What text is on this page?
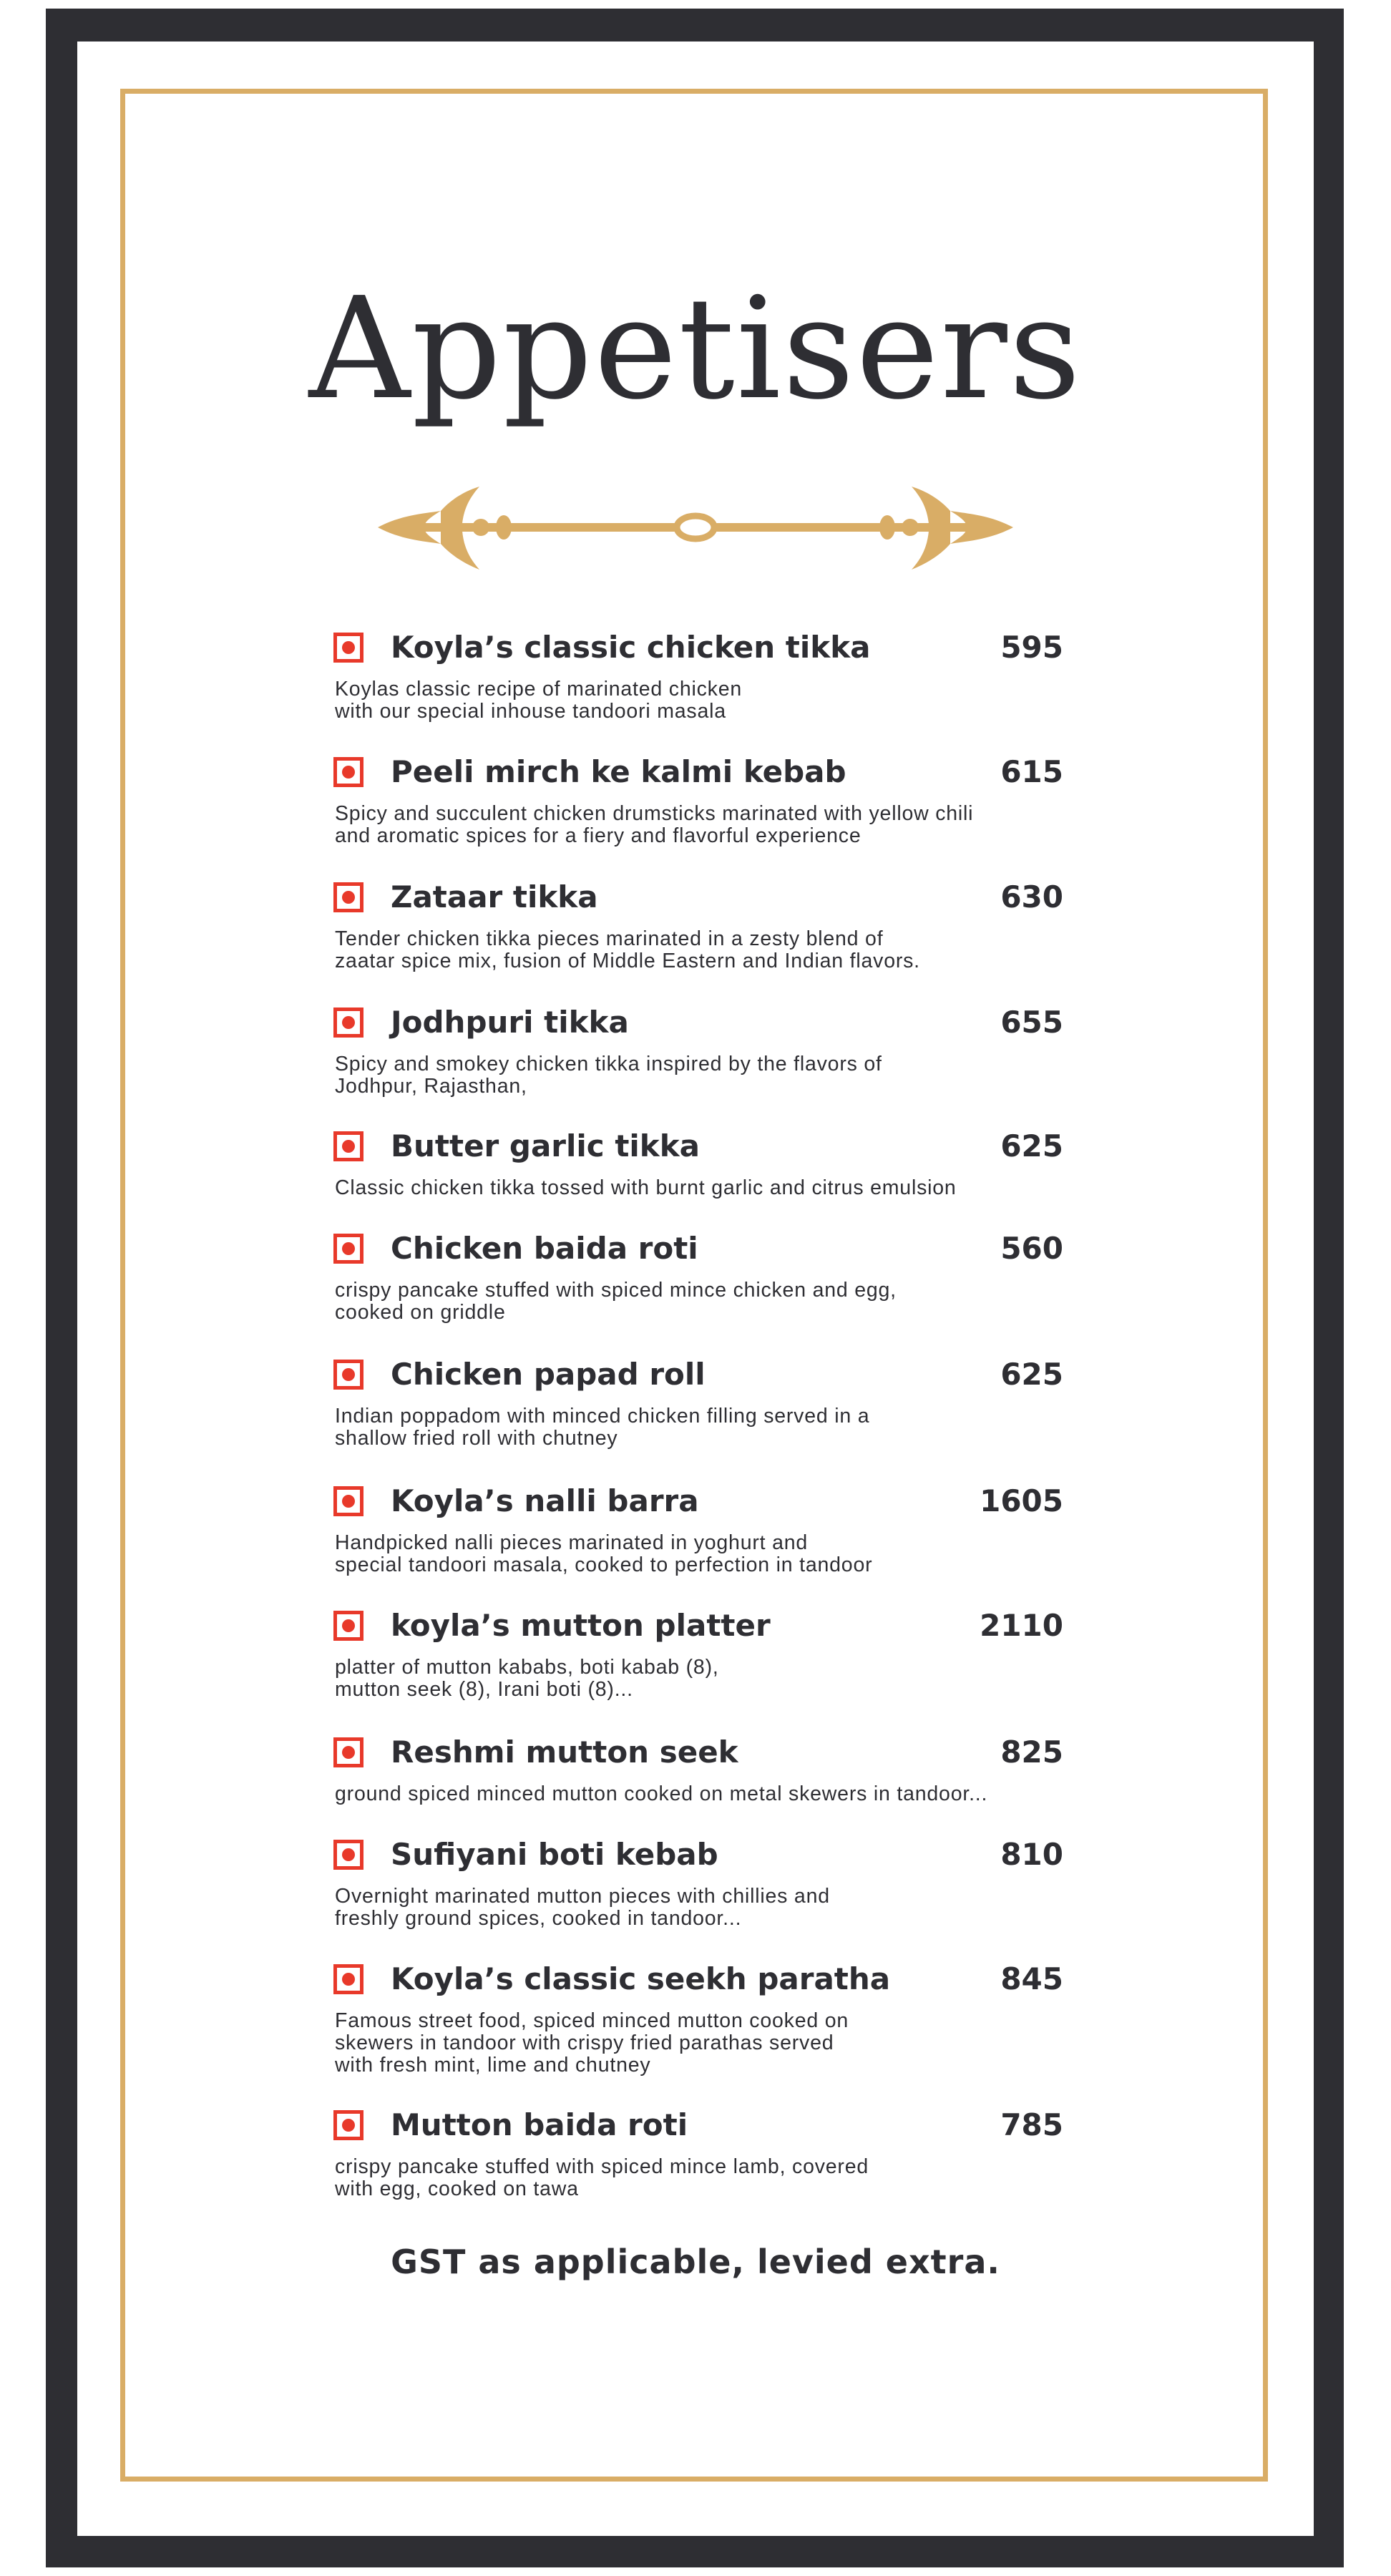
Appetisers
Koyla’s classic chicken tikka	595
Koylas classic recipe of marinated chicken
with our special inhouse tandoori masala
Peeli mirch ke kalmi kebab	615
Spicy and succulent chicken drumsticks marinated with yellow chili
and aromatic spices for a fiery and flavorful experience
Zataar tikka	630
Tender chicken tikka pieces marinated in a zesty blend of
zaatar spice mix, fusion of Middle Eastern and Indian flavors.
Jodhpuri tikka	655
Spicy and smokey chicken tikka inspired by the flavors of
Jodhpur, Rajasthan,
Butter garlic tikka	625
Classic chicken tikka tossed with burnt garlic and citrus emulsion
Chicken baida roti	560
crispy pancake stuffed with spiced mince chicken and egg,
cooked on griddle
Chicken papad roll	625
Indian poppadom with minced chicken filling served in a
shallow fried roll with chutney
Koyla’s nalli barra	1605
Handpicked nalli pieces marinated in yoghurt and
special tandoori masala, cooked to perfection in tandoor
koyla’s mutton platter	2110
platter of mutton kababs, boti kabab (8),
mutton seek (8), Irani boti (8)...
Reshmi mutton seek	825
ground spiced minced mutton cooked on metal skewers in tandoor...
Sufiyani boti kebab	810
Overnight marinated mutton pieces with chillies and
freshly ground spices, cooked in tandoor...
Koyla’s classic seekh paratha	845
Famous street food, spiced minced mutton cooked on
skewers in tandoor with crispy fried parathas served
with fresh mint, lime and chutney
Mutton baida roti	785
crispy pancake stuffed with spiced mince lamb, covered
with egg, cooked on tawa
GST as applicable, levied extra.
